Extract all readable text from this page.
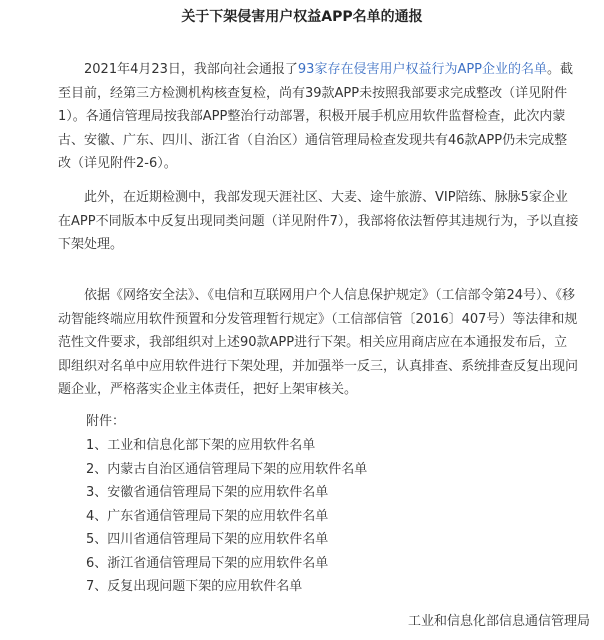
关于下架侵害用户权益APP名单的通报

2021年4月23日，我部向社会通报了93家存在侵害用户权益行为APP企业的名单。截至目前，经第三方检测机构核查复检，尚有39款APP未按照我部要求完成整改（详见附件1）。各通信管理局按我部APP整治行动部署，积极开展手机应用软件监督检查，此次内蒙古、安徽、广东、四川、浙江省（自治区）通信管理局检查发现共有46款APP仍未完成整改（详见附件2-6）。

此外，在近期检测中，我部发现天涯社区、大麦、途牛旅游、VIP陪练、脉脉5家企业在APP不同版本中反复出现同类问题（详见附件7），我部将依法暂停其违规行为，予以直接下架处理。

依据《网络安全法》、《电信和互联网用户个人信息保护规定》（工信部令第24号）、《移动智能终端应用软件预置和分发管理暂行规定》（工信部信管〔2016〕407号）等法律和规范性文件要求，我部组织对上述90款APP进行下架。相关应用商店应在本通报发布后，立即组织对名单中应用软件进行下架处理，并加强举一反三，认真排查、系统排查反复出现问题企业，严格落实企业主体责任，把好上架审核关。

附件：
1、工业和信息化部下架的应用软件名单
2、内蒙古自治区通信管理局下架的应用软件名单
3、安徽省通信管理局下架的应用软件名单
4、广东省通信管理局下架的应用软件名单
5、四川省通信管理局下架的应用软件名单
6、浙江省通信管理局下架的应用软件名单
7、反复出现问题下架的应用软件名单
工业和信息化部信息通信管理局
